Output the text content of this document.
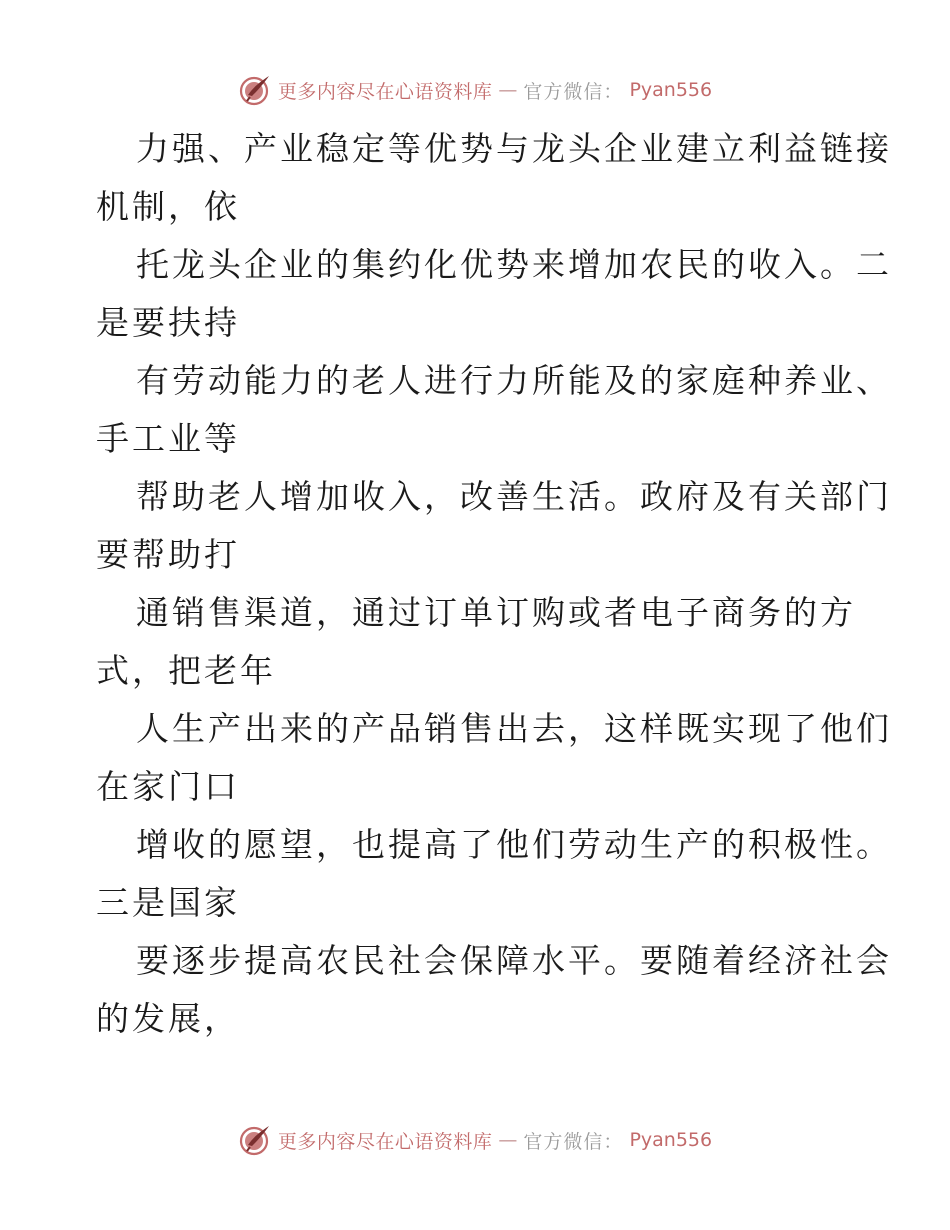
更多内容尽在心语资料库 — 官方微信： Pyan556
力强、产业稳定等优势与龙头企业建立利益链接
机制，依
托龙头企业的集约化优势来增加农民的收入。二
是要扶持
有劳动能力的老人进行力所能及的家庭种养业、
手工业等
帮助老人增加收入，改善生活。政府及有关部门
要帮助打
通销售渠道，通过订单订购或者电子商务的方
式，把老年
人生产出来的产品销售出去，这样既实现了他们
在家门口
增收的愿望，也提高了他们劳动生产的积极性。
三是国家
要逐步提高农民社会保障水平。要随着经济社会
的发展，
更多内容尽在心语资料库 — 官方微信： Pyan556
